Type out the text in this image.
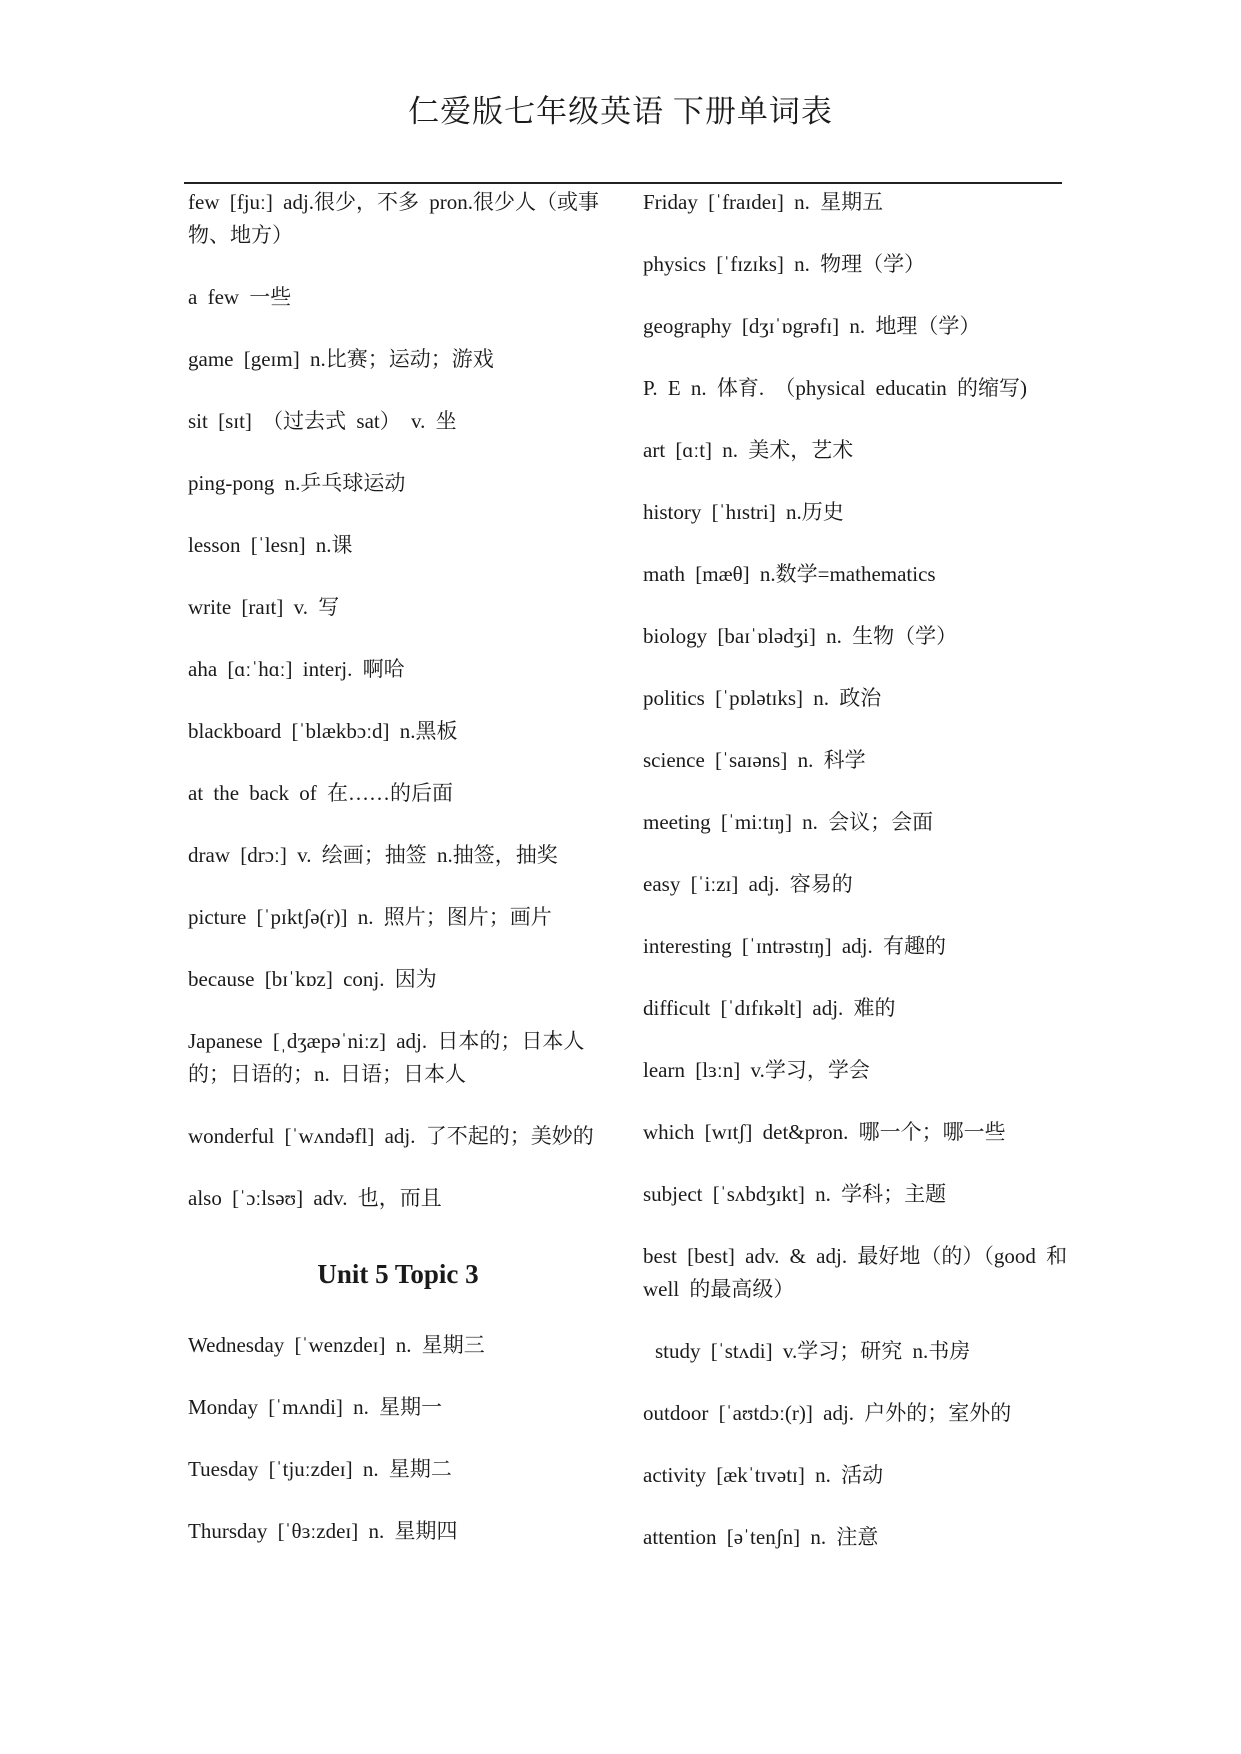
仁爱版七年级英语 下册单词表

few [fjuː] adj.很少，不多 pron.很少人（或事物、地方）

a few 一些

game [geɪm] n.比赛；运动；游戏

sit [sɪt] （过去式 sat） v. 坐

ping-pong n.乒乓球运动

lesson [ˈlesn] n.课

write [raɪt] v. 写

aha [ɑːˈhɑː] interj. 啊哈

blackboard [ˈblækbɔːd] n.黑板

at the back of 在……的后面

draw [drɔː] v. 绘画；抽签 n.抽签，抽奖

picture [ˈpɪktʃə(r)] n. 照片；图片；画片

because [bɪˈkɒz] conj. 因为

Japanese [ˌdʒæpəˈniːz] adj. 日本的；日本人的；日语的；n. 日语；日本人

wonderful [ˈwʌndəfl] adj. 了不起的；美妙的

also [ˈɔːlsəʊ] adv. 也，而且

Unit 5 Topic 3

Wednesday [ˈwenzdeɪ] n. 星期三

Monday [ˈmʌndi] n. 星期一

Tuesday [ˈtjuːzdeɪ] n. 星期二

Thursday [ˈθɜːzdeɪ] n. 星期四

Friday [ˈfraɪdeɪ] n. 星期五

physics [ˈfɪzɪks] n. 物理（学）

geography [dʒɪˈɒgrəfɪ] n. 地理（学）

P. E n. 体育. （physical educatin 的缩写)

art [ɑːt] n. 美术，艺术

history [ˈhɪstri] n.历史

math [mæθ] n.数学=mathematics

biology [baɪˈɒlədʒi] n. 生物（学）

politics [ˈpɒlətɪks] n. 政治

science [ˈsaɪəns] n. 科学

meeting [ˈmiːtɪŋ] n. 会议；会面

easy [ˈiːzɪ] adj. 容易的

interesting [ˈɪntrəstɪŋ] adj. 有趣的

difficult [ˈdɪfɪkəlt] adj. 难的

learn [lɜːn] v.学习，学会

which [wɪtʃ] det&pron. 哪一个；哪一些

subject [ˈsʌbdʒɪkt] n. 学科；主题

best [best] adv. & adj. 最好地（的）（good 和 well 的最高级）

study [ˈstʌdi] v.学习；研究 n.书房

outdoor [ˈaʊtdɔː(r)] adj. 户外的；室外的

activity [ækˈtɪvətɪ] n. 活动

attention [əˈtenʃn] n. 注意
